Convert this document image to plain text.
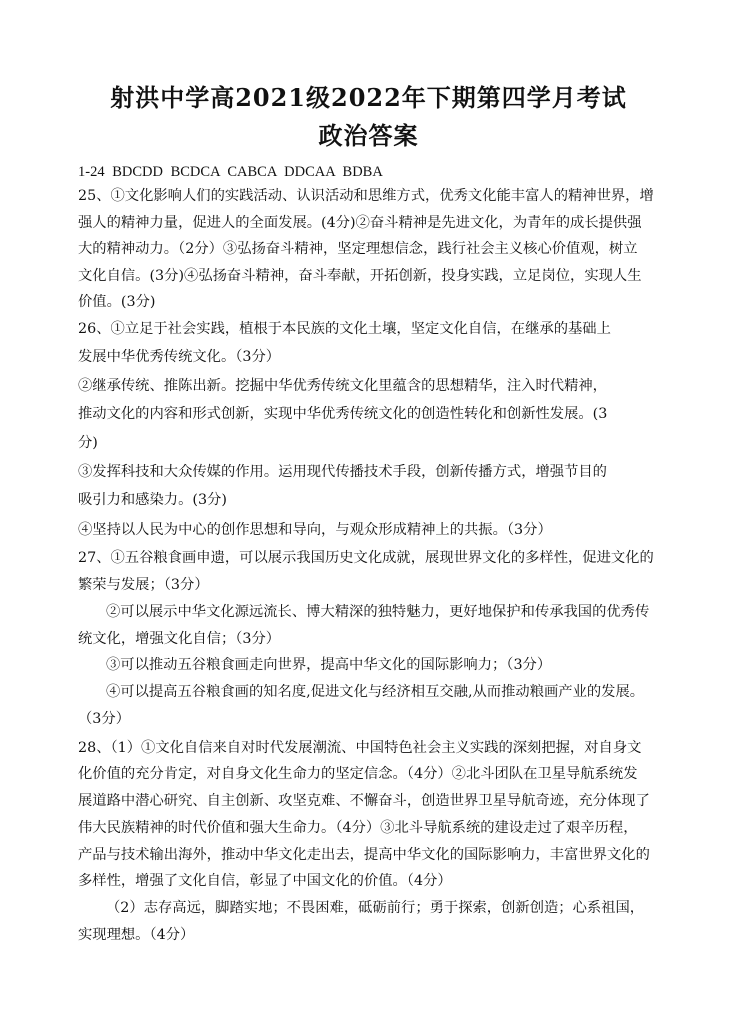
射洪中学高2021级2022年下期第四学月考试
政治答案
1-24 BDCDD BCDCA CABCA DDCAA BDBA
25、①文化影响人们的实践活动、认识活动和思维方式，优秀文化能丰富人的精神世界，增
强人的精神力量，促进人的全面发展。(4分)②奋斗精神是先进文化，为青年的成长提供强
大的精神动力。（2分）③弘扬奋斗精神，坚定理想信念，践行社会主义核心价值观，树立
文化自信。(3分)④弘扬奋斗精神，奋斗奉献，开拓创新，投身实践，立足岗位，实现人生
价值。(3分)
26、①立足于社会实践，植根于本民族的文化土壤，坚定文化自信，在继承的基础上
发展中华优秀传统文化。（3分）
②继承传统、推陈出新。挖掘中华优秀传统文化里蕴含的思想精华，注入时代精神，
推动文化的内容和形式创新，实现中华优秀传统文化的创造性转化和创新性发展。(3
分)
③发挥科技和大众传媒的作用。运用现代传播技术手段，创新传播方式，增强节目的
吸引力和感染力。(3分)
④坚持以人民为中心的创作思想和导向，与观众形成精神上的共振。（3分）
27、①五谷粮食画申遗，可以展示我国历史文化成就，展现世界文化的多样性，促进文化的
繁荣与发展；（3分）
②可以展示中华文化源远流长、博大精深的独特魅力，更好地保护和传承我国的优秀传
统文化，增强文化自信；（3分）
③可以推动五谷粮食画走向世界，提高中华文化的国际影响力；（3分）
④可以提高五谷粮食画的知名度,促进文化与经济相互交融,从而推动粮画产业的发展。
（3分）
28、（1）①文化自信来自对时代发展潮流、中国特色社会主义实践的深刻把握，对自身文
化价值的充分肯定，对自身文化生命力的坚定信念。（4分）②北斗团队在卫星导航系统发
展道路中潜心研究、自主创新、攻坚克难、不懈奋斗，创造世界卫星导航奇迹，充分体现了
伟大民族精神的时代价值和强大生命力。（4分）③北斗导航系统的建设走过了艰辛历程，
产品与技术输出海外，推动中华文化走出去，提高中华文化的国际影响力，丰富世界文化的
多样性，增强了文化自信，彰显了中国文化的价值。（4分）
（2）志存高远，脚踏实地；不畏困难，砥砺前行；勇于探索，创新创造；心系祖国，
实现理想。（4分）
